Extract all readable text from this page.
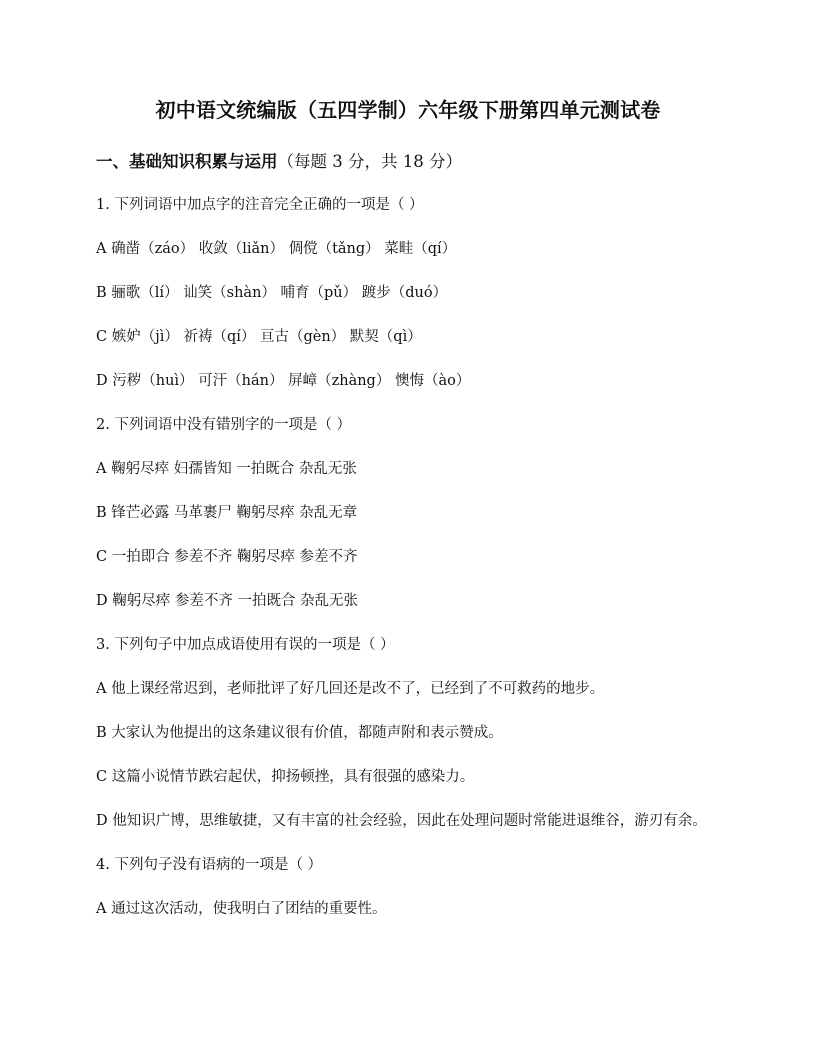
初中语文统编版（五四学制）六年级下册第四单元测试卷

一、基础知识积累与运用（每题 3 分，共 18 分）

1. 下列词语中加点字的注音完全正确的一项是（ ）

A 确凿（záo） 收敛（liǎn） 倜傥（tǎng） 菜畦（qí）

B 骊歌（lí） 讪笑（shàn） 哺育（pǔ） 踱步（duó）

C 嫉妒（jì） 祈祷（qí） 亘古（gèn） 默契（qì）

D 污秽（huì） 可汗（hán） 屏嶂（zhàng） 懊悔（ào）

2. 下列词语中没有错别字的一项是（ ）

A 鞠躬尽瘁 妇孺皆知 一拍既合 杂乱无张

B 锋芒必露 马革裹尸 鞠躬尽瘁 杂乱无章

C 一拍即合 参差不齐 鞠躬尽瘁 参差不齐

D 鞠躬尽瘁 参差不齐 一拍既合 杂乱无张

3. 下列句子中加点成语使用有误的一项是（ ）

A 他上课经常迟到，老师批评了好几回还是改不了，已经到了不可救药的地步。

B 大家认为他提出的这条建议很有价值，都随声附和表示赞成。

C 这篇小说情节跌宕起伏，抑扬顿挫，具有很强的感染力。

D 他知识广博，思维敏捷，又有丰富的社会经验，因此在处理问题时常能进退维谷，游刃有余。

4. 下列句子没有语病的一项是（ ）

A 通过这次活动，使我明白了团结的重要性。
